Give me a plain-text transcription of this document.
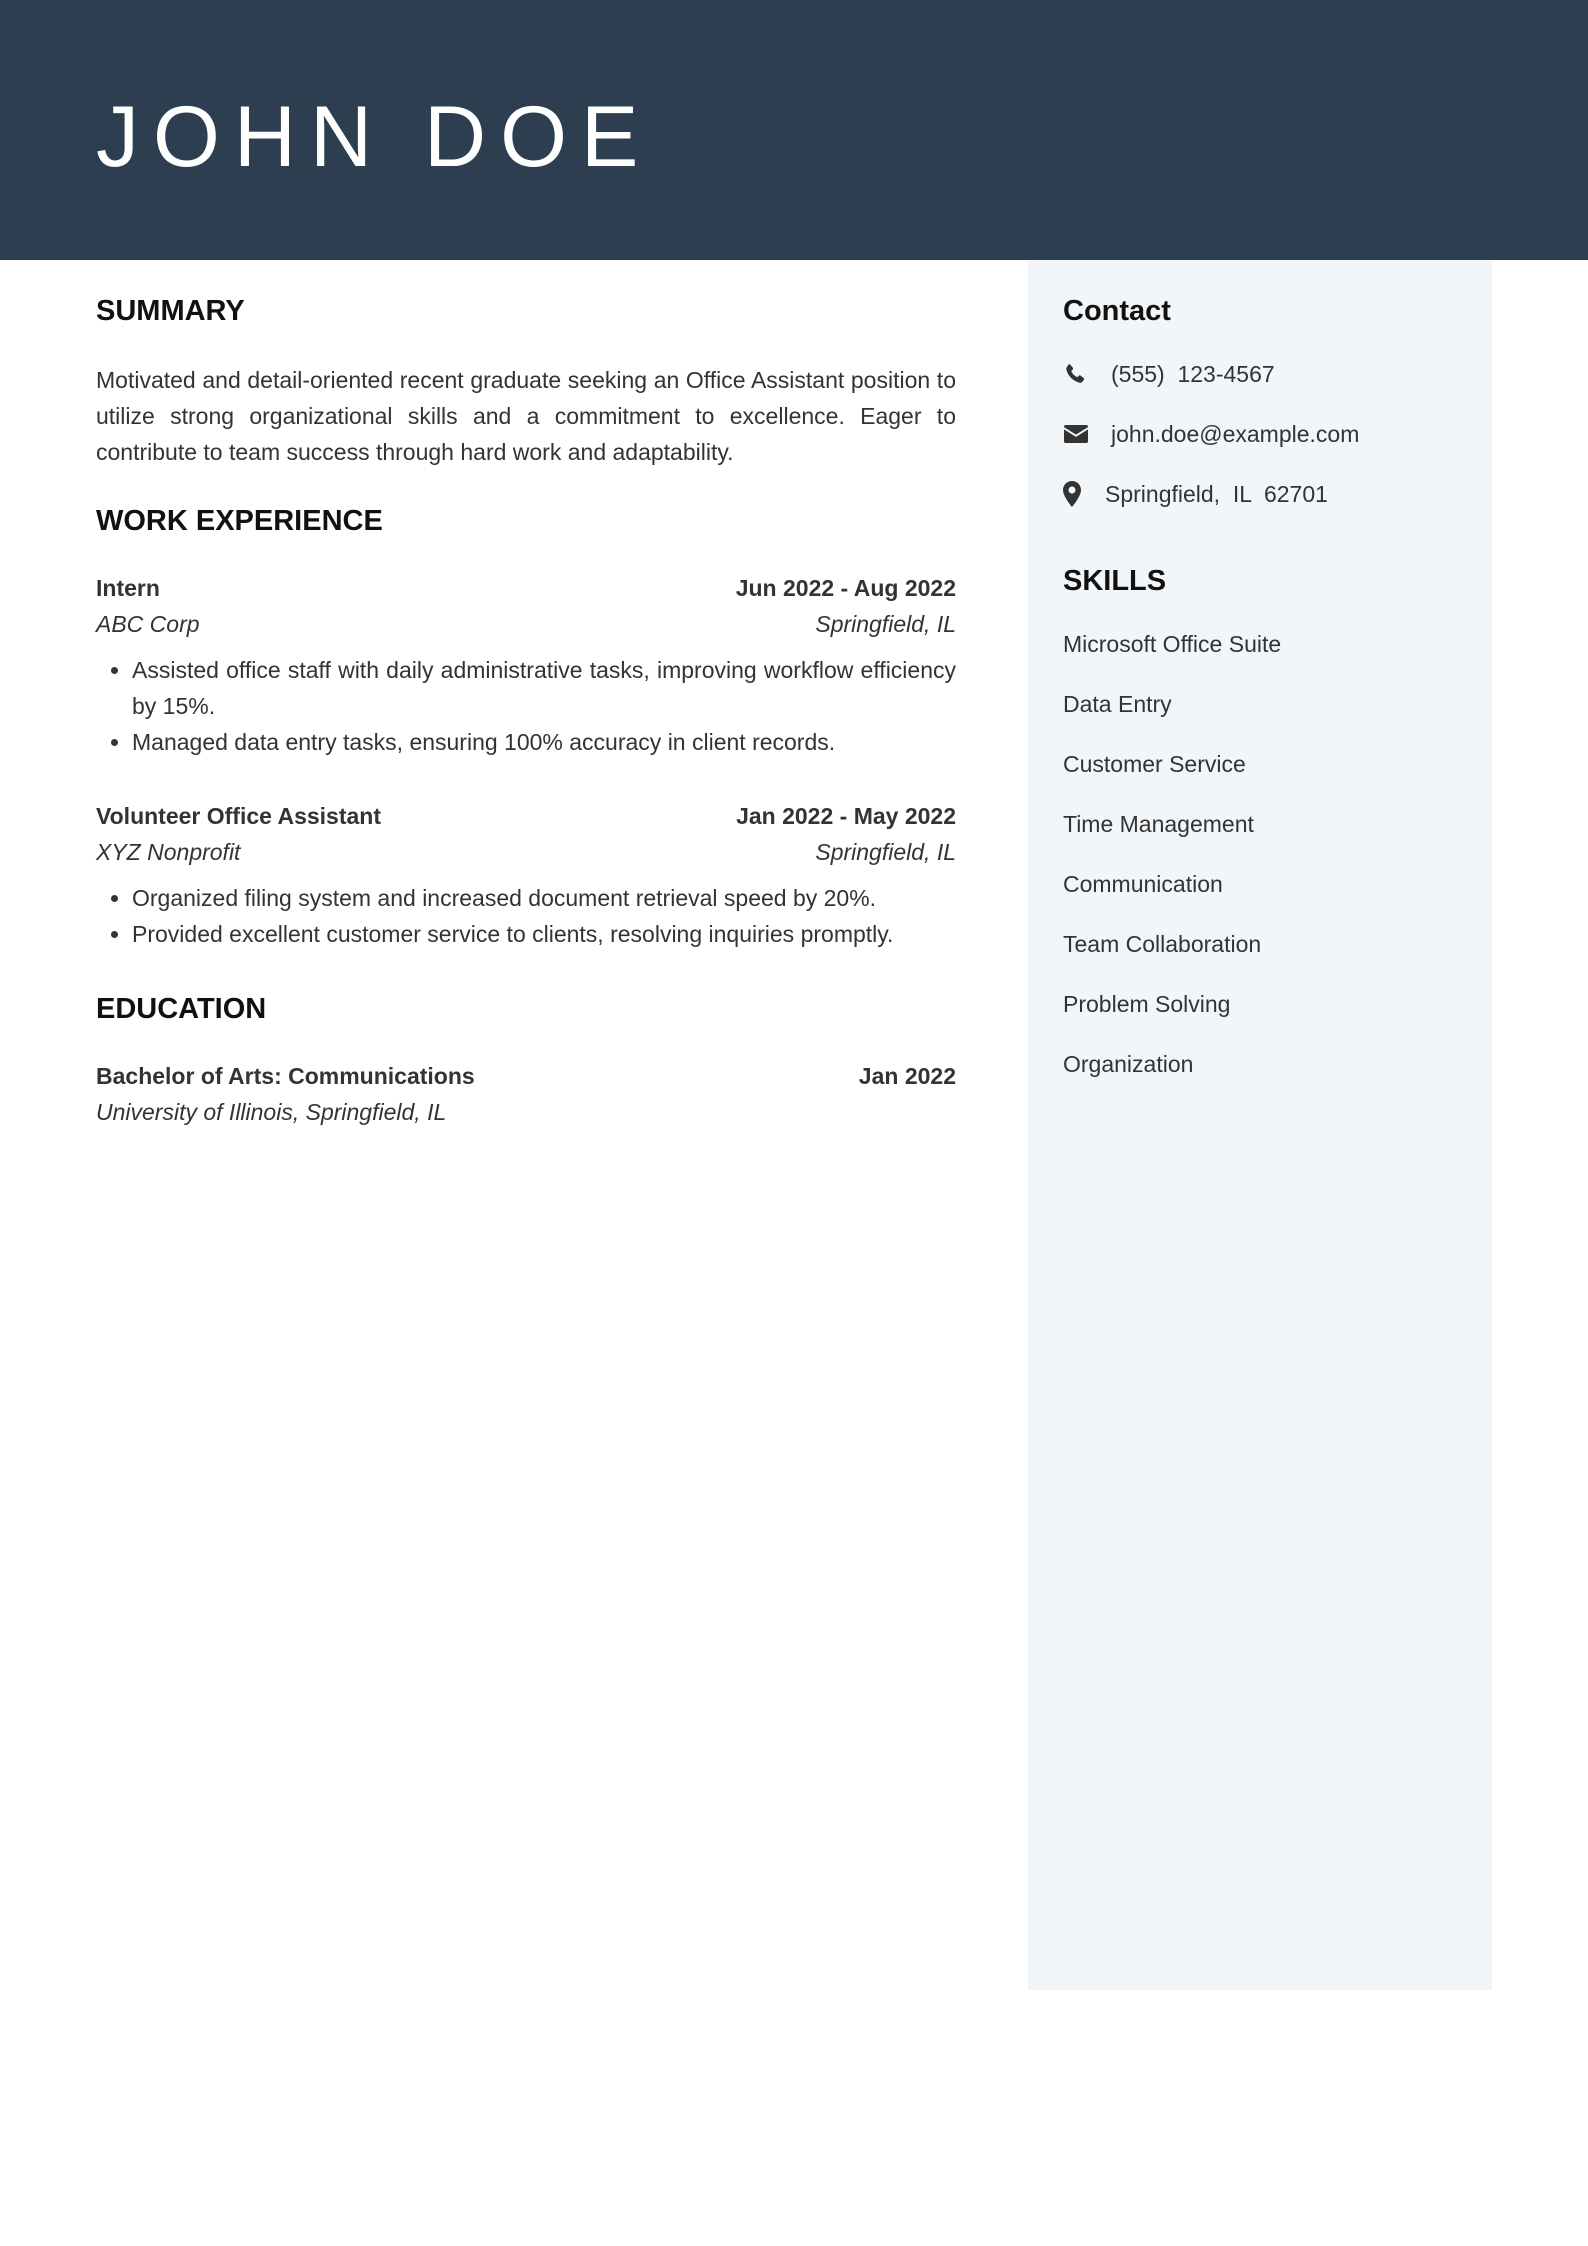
JOHN DOE
SUMMARY

Motivated and detail-oriented recent graduate seeking an Office Assistant position to utilize strong organizational skills and a commitment to excellence. Eager to contribute to team success through hard work and adaptability.

WORK EXPERIENCE
Intern	Jun 2022 - Aug 2022
ABC Corp	Springfield, IL
• Assisted office staff with daily administrative tasks, improving workflow efficiency by 15%.
• Managed data entry tasks, ensuring 100% accuracy in client records.
Volunteer Office Assistant	Jan 2022 - May 2022
XYZ Nonprofit	Springfield, IL
• Organized filing system and increased document retrieval speed by 20%.
• Provided excellent customer service to clients, resolving inquiries promptly.
EDUCATION
Bachelor of Arts: Communications	Jan 2022
University of Illinois, Springfield, IL
Contact
(555)  123-4567
john.doe@example.com
Springfield,  IL  62701
SKILLS
Microsoft Office Suite
Data Entry
Customer Service
Time Management
Communication
Team Collaboration
Problem Solving
Organization
